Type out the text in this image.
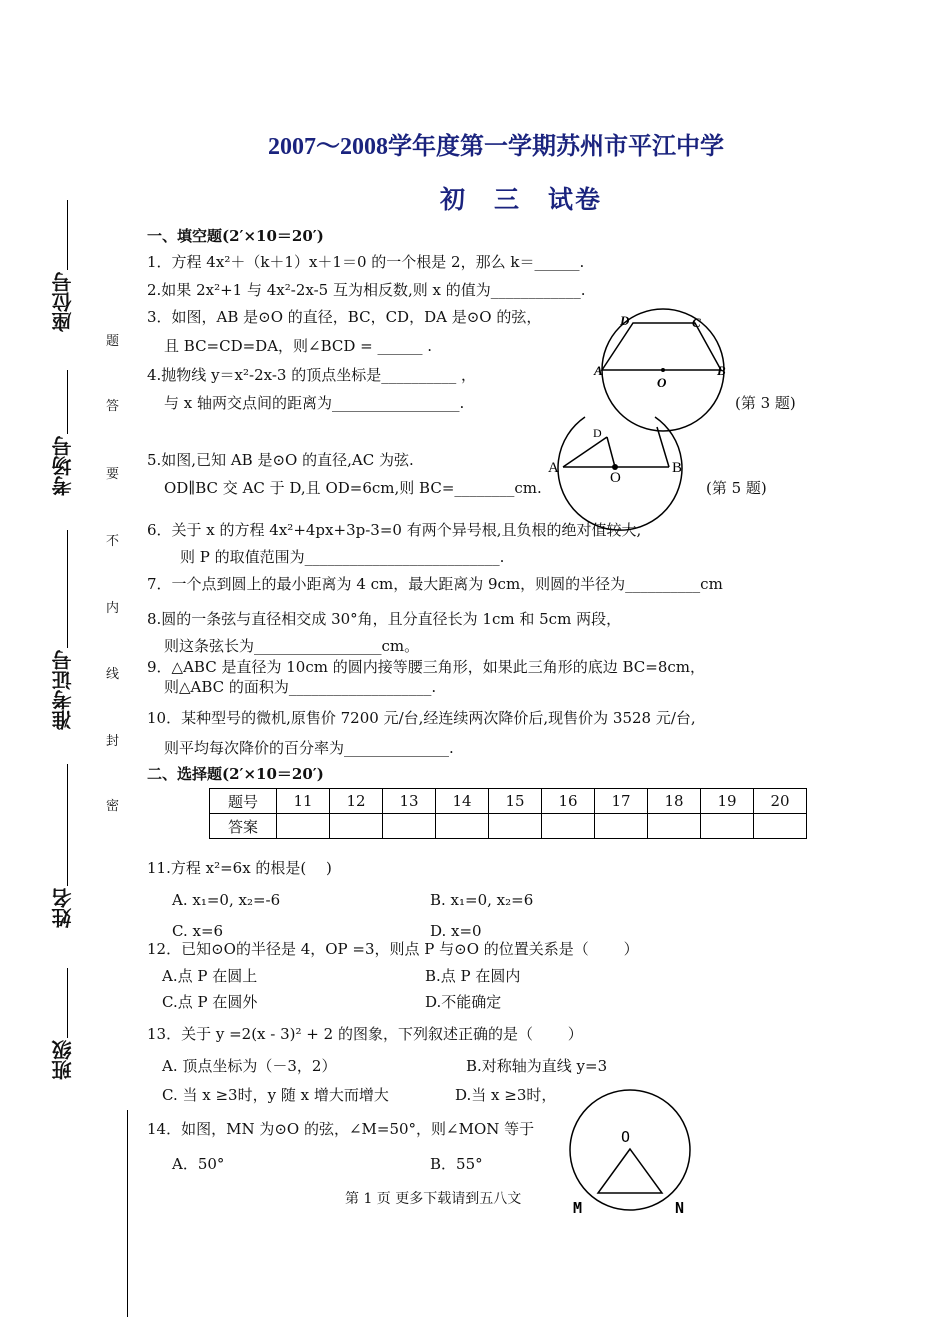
2007～2008学年度第一学期苏州市平江中学
初　三　试卷
座位号
考场号
准考证号
姓名
班级
题
答
要
不
内
线
封
密
一、填空题(2′×10＝20′)
1．方程 4x²＋（k＋1）x＋1＝0 的一个根是 2，那么 k＝______.
2.如果 2x²+1 与 4x²-2x-5 互为相反数,则 x 的值为____________.
3．如图，AB 是⊙O 的直径，BC，CD，DA 是⊙O 的弦，
且 BC=CD=DA，则∠BCD = ______ .
4.抛物线 y＝x²-2x-3 的顶点坐标是__________ ，
与 x 轴两交点间的距离为_________________.
5.如图,已知 AB 是⊙O 的直径,AC 为弦.
OD∥BC 交 AC 于 D,且 OD=6cm,则 BC=________cm.
6．关于 x 的方程 4x²+4px+3p-3=0 有两个异号根,且负根的绝对值较大,
则 P 的取值范围为__________________________.
7．一个点到圆上的最小距离为 4 cm，最大距离为 9cm，则圆的半径为__________cm
8.圆的一条弦与直径相交成 30°角，且分直径长为 1cm 和 5cm 两段，
则这条弦长为_________________cm。
9．△ABC 是直径为 10cm 的圆内接等腰三角形，如果此三角形的底边 BC=8cm，
则△ABC 的面积为___________________.
10．某种型号的微机,原售价 7200 元/台,经连续两次降价后,现售价为 3528 元/台,
则平均每次降价的百分率为______________.
D	C
A
O
B
(第 3 题)
A
O
B
D
(第 5 题)
二、选择题(2′×10＝20′)
题号	11	12	13	14	15	16	17	18	19	20
答案										
11.方程 x²=6x 的根是(　 )
A. x₁=0, x₂=-6	B. x₁=0, x₂=6
C. x=6	D. x=0
12．已知⊙O的半径是 4，OP =3，则点 P 与⊙O 的位置关系是（　　 ）
A.点 P 在圆上	B.点 P 在圆内
C.点 P 在圆外	D.不能确定
13．关于 y =2(x - 3)² + 2 的图象，下列叙述正确的是（　　 ）
A. 顶点坐标为（－3，2）	B.对称轴为直线 y=3
C. 当 x ≥3时，y 随 x 增大而增大	D.当 x ≥3时，
14．如图，MN 为⊙O 的弦，∠M=50°，则∠MON 等于
A．50°	B．55°
O
M	N
第 1 页 更多下载请到五八文
